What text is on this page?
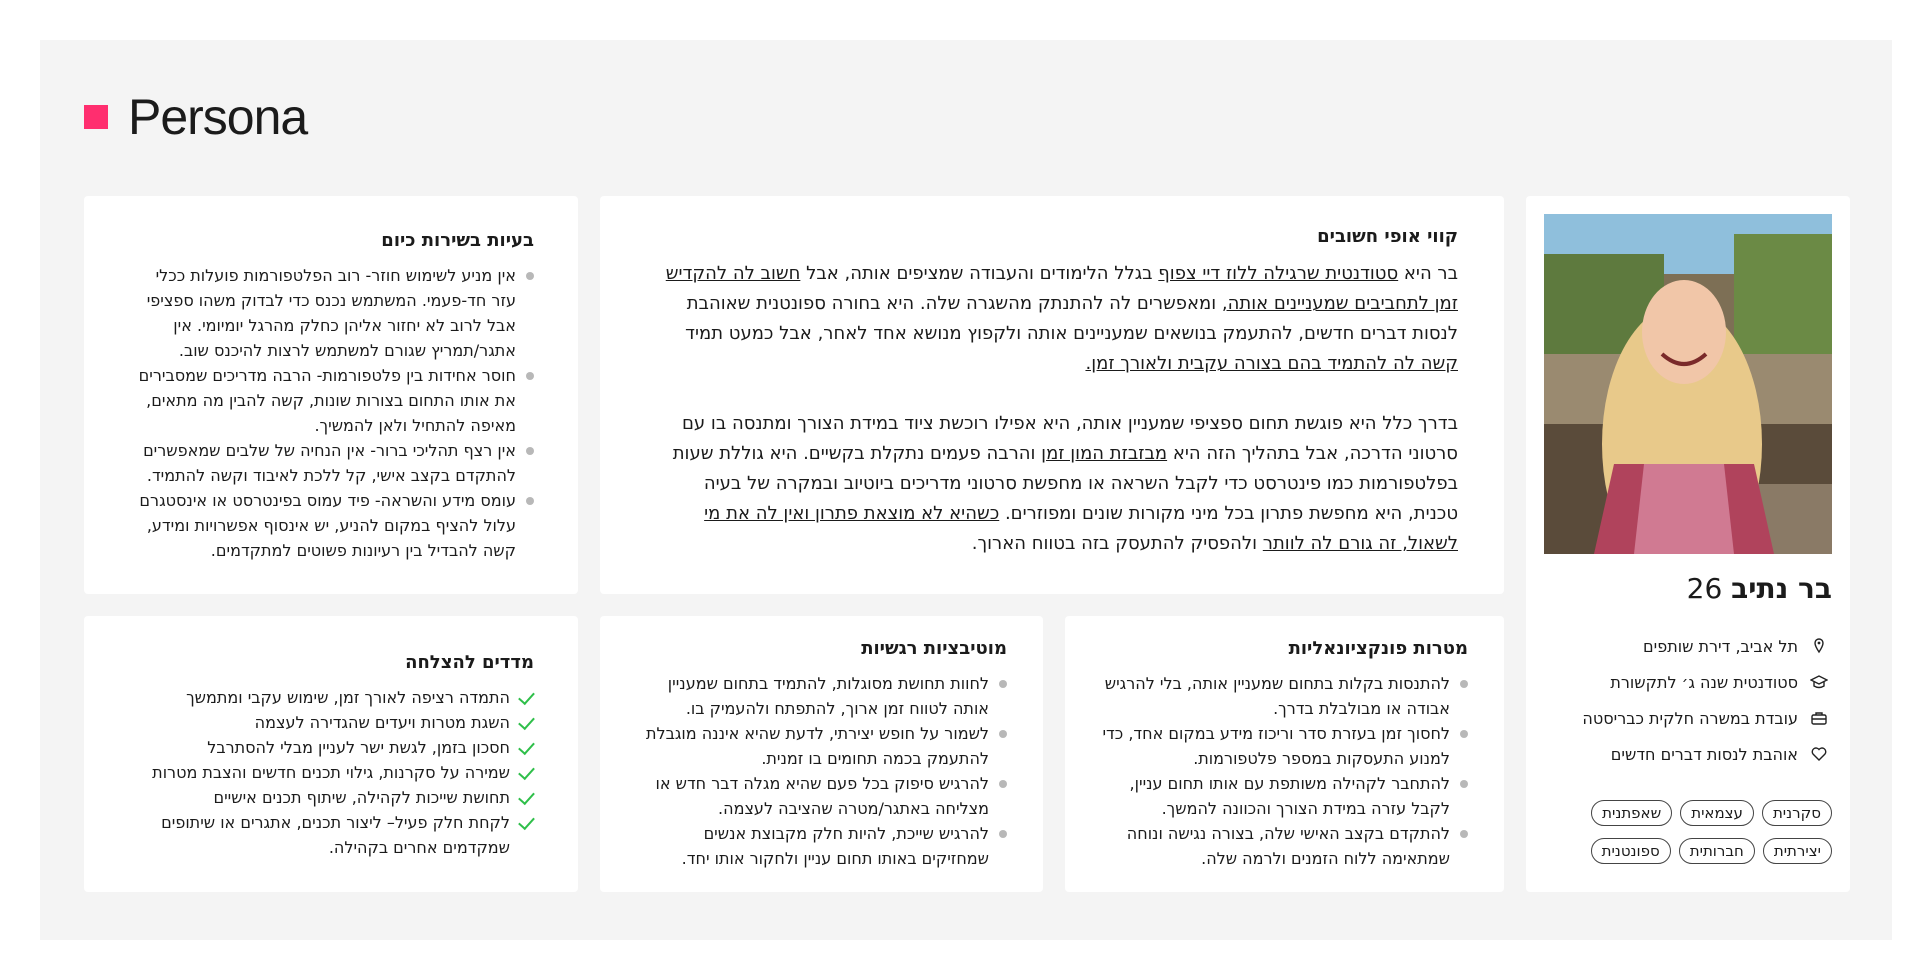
Persona
בר נתיב 26
תל אביב, דירת שותפים
סטודנטית שנה ג׳ לתקשורת
עובדת במשרה חלקית כבריסטה
אוהבת לנסות דברים חדשים
סקרנית
עצמאית
שאפתנית
יצירתית
חברותית
ספונטנית
קווי אופי חשובים

בר היא סטודנטית שרגילה ללוז דיי צפוף בגלל הלימודים והעבודה שמציפים אותה, אבל חשוב לה להקדיש זמן לתחביבים שמעניינים אותה, ומאפשרים לה להתנתק מהשגרה שלה. היא בחורה ספונטנית שאוהבת לנסות דברים חדשים, להתעמק בנושאים שמעניינים אותה ולקפוץ מנושא אחד לאחר, אבל כמעט תמיד קשה לה להתמיד בהם בצורה עקבית ולאורך זמן.

בדרך כלל היא פוגשת תחום ספציפי שמעניין אותה, היא אפילו רוכשת ציוד במידת הצורך ומתנסה בו עם סרטוני הדרכה, אבל בתהליך הזה היא מבזבזת המון זמן והרבה פעמים נתקלת בקשיים. היא גוללת שעות בפלטפורמות כמו פינטרסט כדי לקבל השראה או מחפשת סרטוני מדריכים ביוטיוב ובמקרה של בעיה טכנית, היא מחפשת פתרון בכל מיני מקורות שונים ומפוזרים. כשהיא לא מוצאת פתרון ואין לה את מי לשאול, זה גורם לה לוותר ולהפסיק להתעסק בזה בטווח הארוך.

בעיות בשירות כיום
אין מניע לשימוש חוזר- רוב הפלטפורמות פועלות ככלי עזר חד-פעמי. המשתמש נכנס כדי לבדוק משהו ספציפי אבל לרוב לא יחזור אליהן כחלק מהרגל יומיומי. אין אתגר/תמריץ שגורם למשתמש לרצות להיכנס שוב.
חוסר אחידות בין פלטפורמות- הרבה מדריכים שמסבירים את אותו התחום בצורות שונות, קשה להבין מה מתאים, מאיפה להתחיל ולאן להמשיך.
אין רצף תהליכי ברור- אין הנחיה של שלבים שמאפשרים להתקדם בקצב אישי, קל ללכת לאיבוד וקשה להתמיד.
עומס מידע והשראה- פיד עמוס בפינטרסט או אינסטגרם עלול להציף במקום להניע, יש אינסוף אפשרויות ומידע, קשה להבדיל בין רעיונות פשוטים למתקדמים.
מטרות פונקציונאליות
להתנסות בקלות בתחום שמעניין אותה, בלי להרגיש אבודה או מבולבלת בדרך.
לחסוך זמן בעזרת סדר וריכוז מידע במקום אחד, כדי למנוע התעסקות במספר פלטפורמות.
להתחבר לקהילה משותפת עם אותו תחום עניין, לקבל עזרה במידת הצורך והכוונה להמשך.
להתקדם בקצב האישי שלה, בצורה נגישה ונוחה שמתאימה ללוח הזמנים ולרמה שלה.
מוטיבציות רגשיות
לחוות תחושת מסוגלות, להתמיד בתחום שמעניין אותה לטווח זמן ארוך, להתפתח ולהעמיק בו.
לשמור על חופש יצירתי, לדעת שהיא איננה מוגבלת להתעמק בכמה תחומים בו זמנית.
להרגיש סיפוק בכל פעם שהיא מגלה דבר חדש או מצליחה באתגר/מטרה שהציבה לעצמה.
להרגיש שייכת, להיות חלק מקבוצת אנשים שמחזיקים באותו תחום עניין ולחקור אותו יחד.
מדדים להצלחה
התמדה רציפה לאורך זמן, שימוש עקבי ומתמשך
השגת מטרות ויעדים שהגדירה לעצמה
חסכון בזמן, לגשת ישר לעניין מבלי להסתרבל
שמירה על סקרנות, גילוי תכנים חדשים והצבת מטרות
תחושת שייכות לקהילה, שיתוף תכנים אישיים
לקחת חלק פעיל– ליצור תכנים, אתגרים או שיתופים שמקדמים אחרים בקהילה.
